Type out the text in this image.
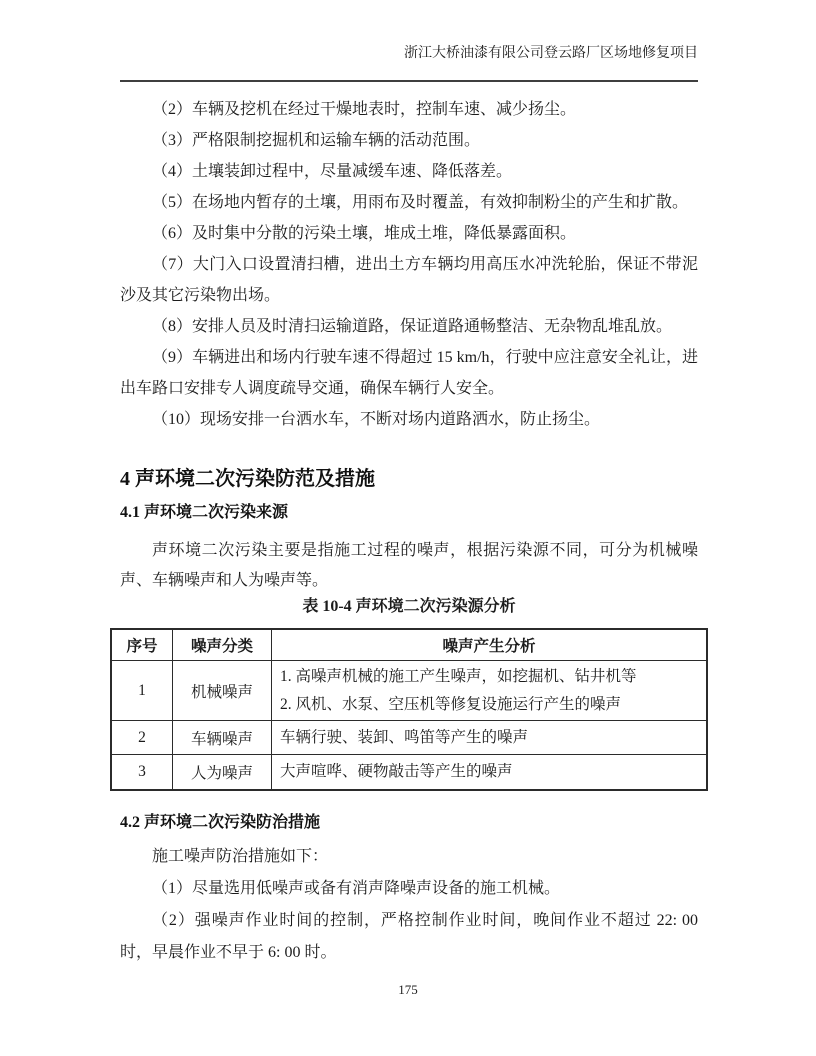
浙江大桥油漆有限公司登云路厂区场地修复项目

（2）车辆及挖机在经过干燥地表时，控制车速、减少扬尘。

（3）严格限制挖掘机和运输车辆的活动范围。

（4）土壤装卸过程中，尽量减缓车速、降低落差。

（5）在场地内暂存的土壤，用雨布及时覆盖，有效抑制粉尘的产生和扩散。

（6）及时集中分散的污染土壤，堆成土堆，降低暴露面积。

（7）大门入口设置清扫槽，进出土方车辆均用高压水冲洗轮胎，保证不带泥沙及其它污染物出场。

（8）安排人员及时清扫运输道路，保证道路通畅整洁、无杂物乱堆乱放。

（9）车辆进出和场内行驶车速不得超过 15 km/h，行驶中应注意安全礼让，进出车路口安排专人调度疏导交通，确保车辆行人安全。

（10）现场安排一台洒水车，不断对场内道路洒水，防止扬尘。

4 声环境二次污染防范及措施
4.1 声环境二次污染来源

声环境二次污染主要是指施工过程的噪声，根据污染源不同，可分为机械噪声、车辆噪声和人为噪声等。

表 10-4 声环境二次污染源分析
序号	噪声分类	噪声产生分析
1	机械噪声	1. 高噪声机械的施工产生噪声，如挖掘机、钻井机等
2. 风机、水泵、空压机等修复设施运行产生的噪声

2	车辆噪声	车辆行驶、装卸、鸣笛等产生的噪声

3	人为噪声	大声喧哗、硬物敲击等产生的噪声
4.2 声环境二次污染防治措施

施工噪声防治措施如下：

（1）尽量选用低噪声或备有消声降噪声设备的施工机械。

（2）强噪声作业时间的控制，严格控制作业时间，晚间作业不超过 22: 00 时，早晨作业不早于 6: 00 时。

175
